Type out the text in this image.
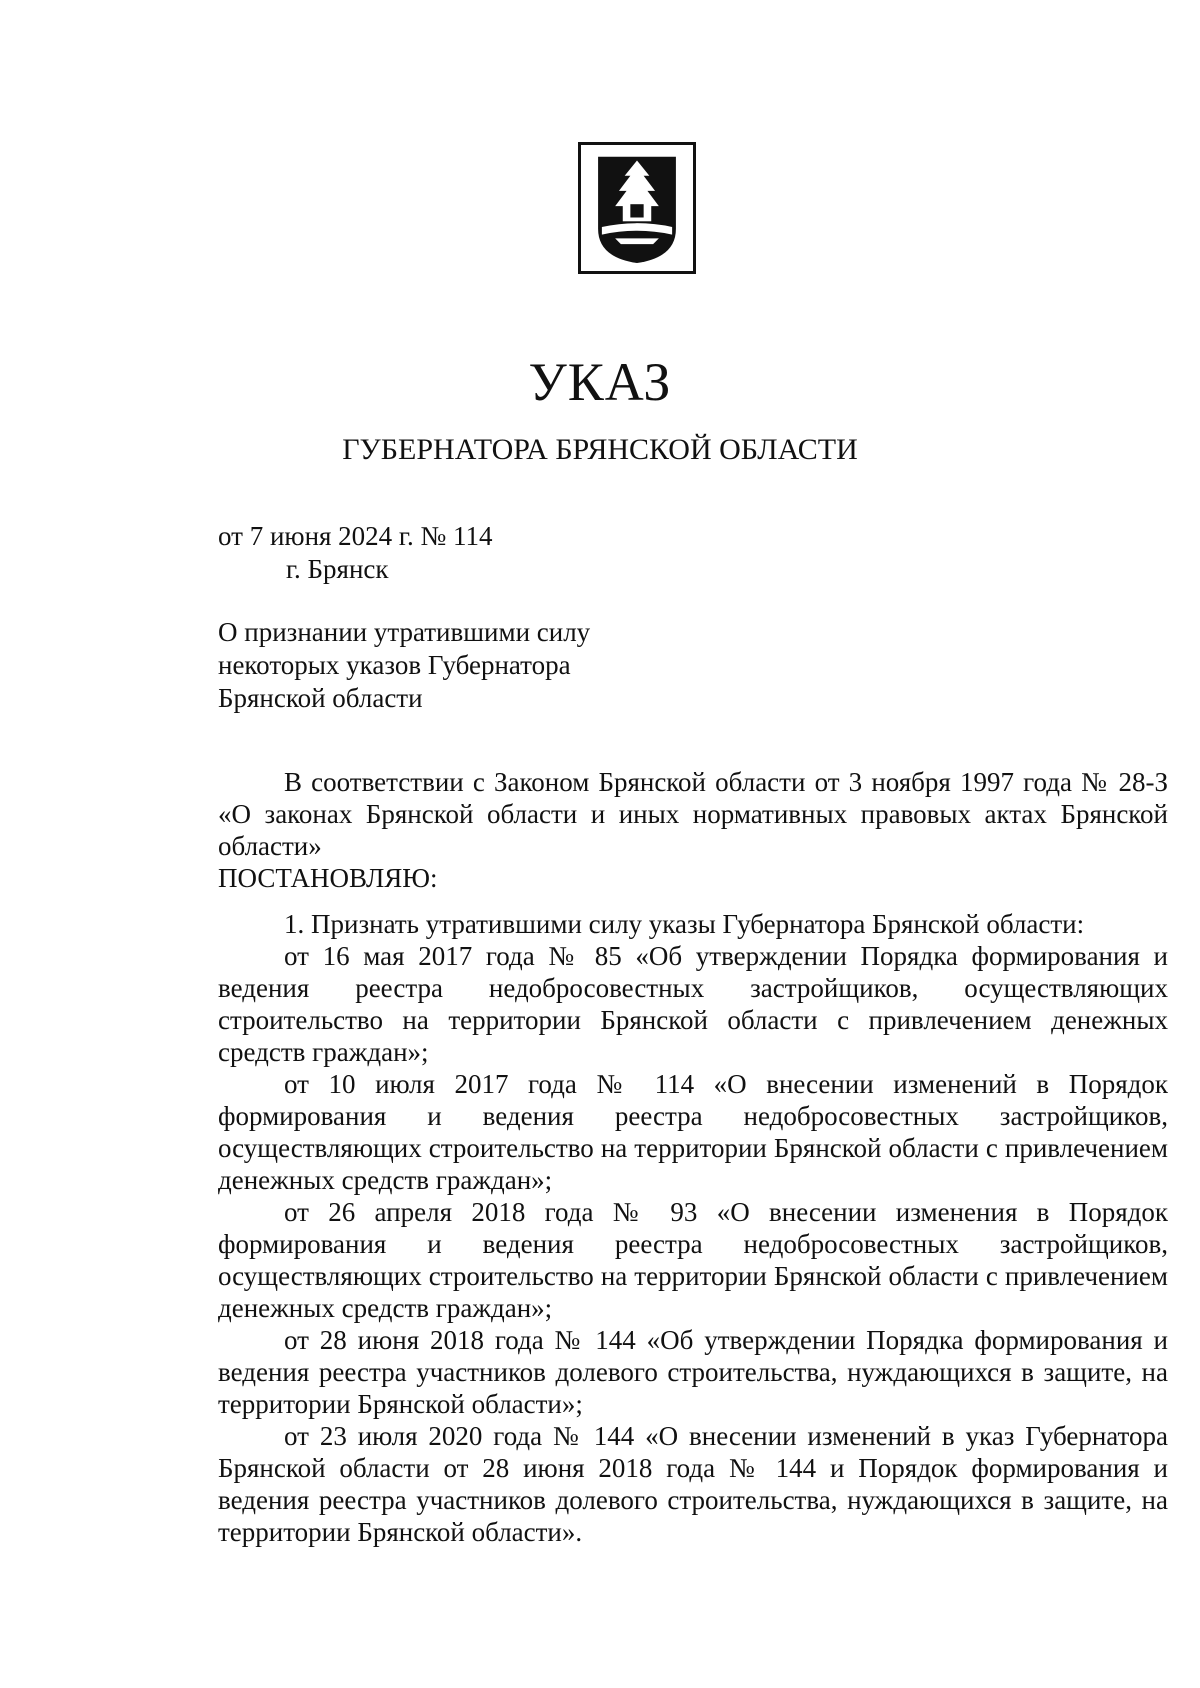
УКАЗ
ГУБЕРНАТОРА БРЯНСКОЙ ОБЛАСТИ
от 7 июня 2024 г. № 114
г. Брянск
О признании утратившими силу
некоторых указов Губернатора
Брянской области

В соответствии с Законом Брянской области от 3 ноября 1997 года № 28-З «О законах Брянской области и иных нормативных правовых актах Брянской области»

ПОСТАНОВЛЯЮ:

1. Признать утратившими силу указы Губернатора Брянской области:

от 16 мая 2017 года № 85 «Об утверждении Порядка формирования и ведения реестра недобросовестных застройщиков, осуществляющих строительство на территории Брянской области с привлечением денежных средств граждан»;

от 10 июля 2017 года № 114 «О внесении изменений в Порядок формирования и ведения реестра недобросовестных застройщиков, осуществляющих строительство на территории Брянской области с привлечением денежных средств граждан»;

от 26 апреля 2018 года № 93 «О внесении изменения в Порядок формирования и ведения реестра недобросовестных застройщиков, осуществляющих строительство на территории Брянской области с привлечением денежных средств граждан»;

от 28 июня 2018 года № 144 «Об утверждении Порядка формирования и ведения реестра участников долевого строительства, нуждающихся в защите, на территории Брянской области»;

от 23 июля 2020 года № 144 «О внесении изменений в указ Губернатора Брянской области от 28 июня 2018 года № 144 и Порядок формирования и ведения реестра участников долевого строительства, нуждающихся в защите, на территории Брянской области».
